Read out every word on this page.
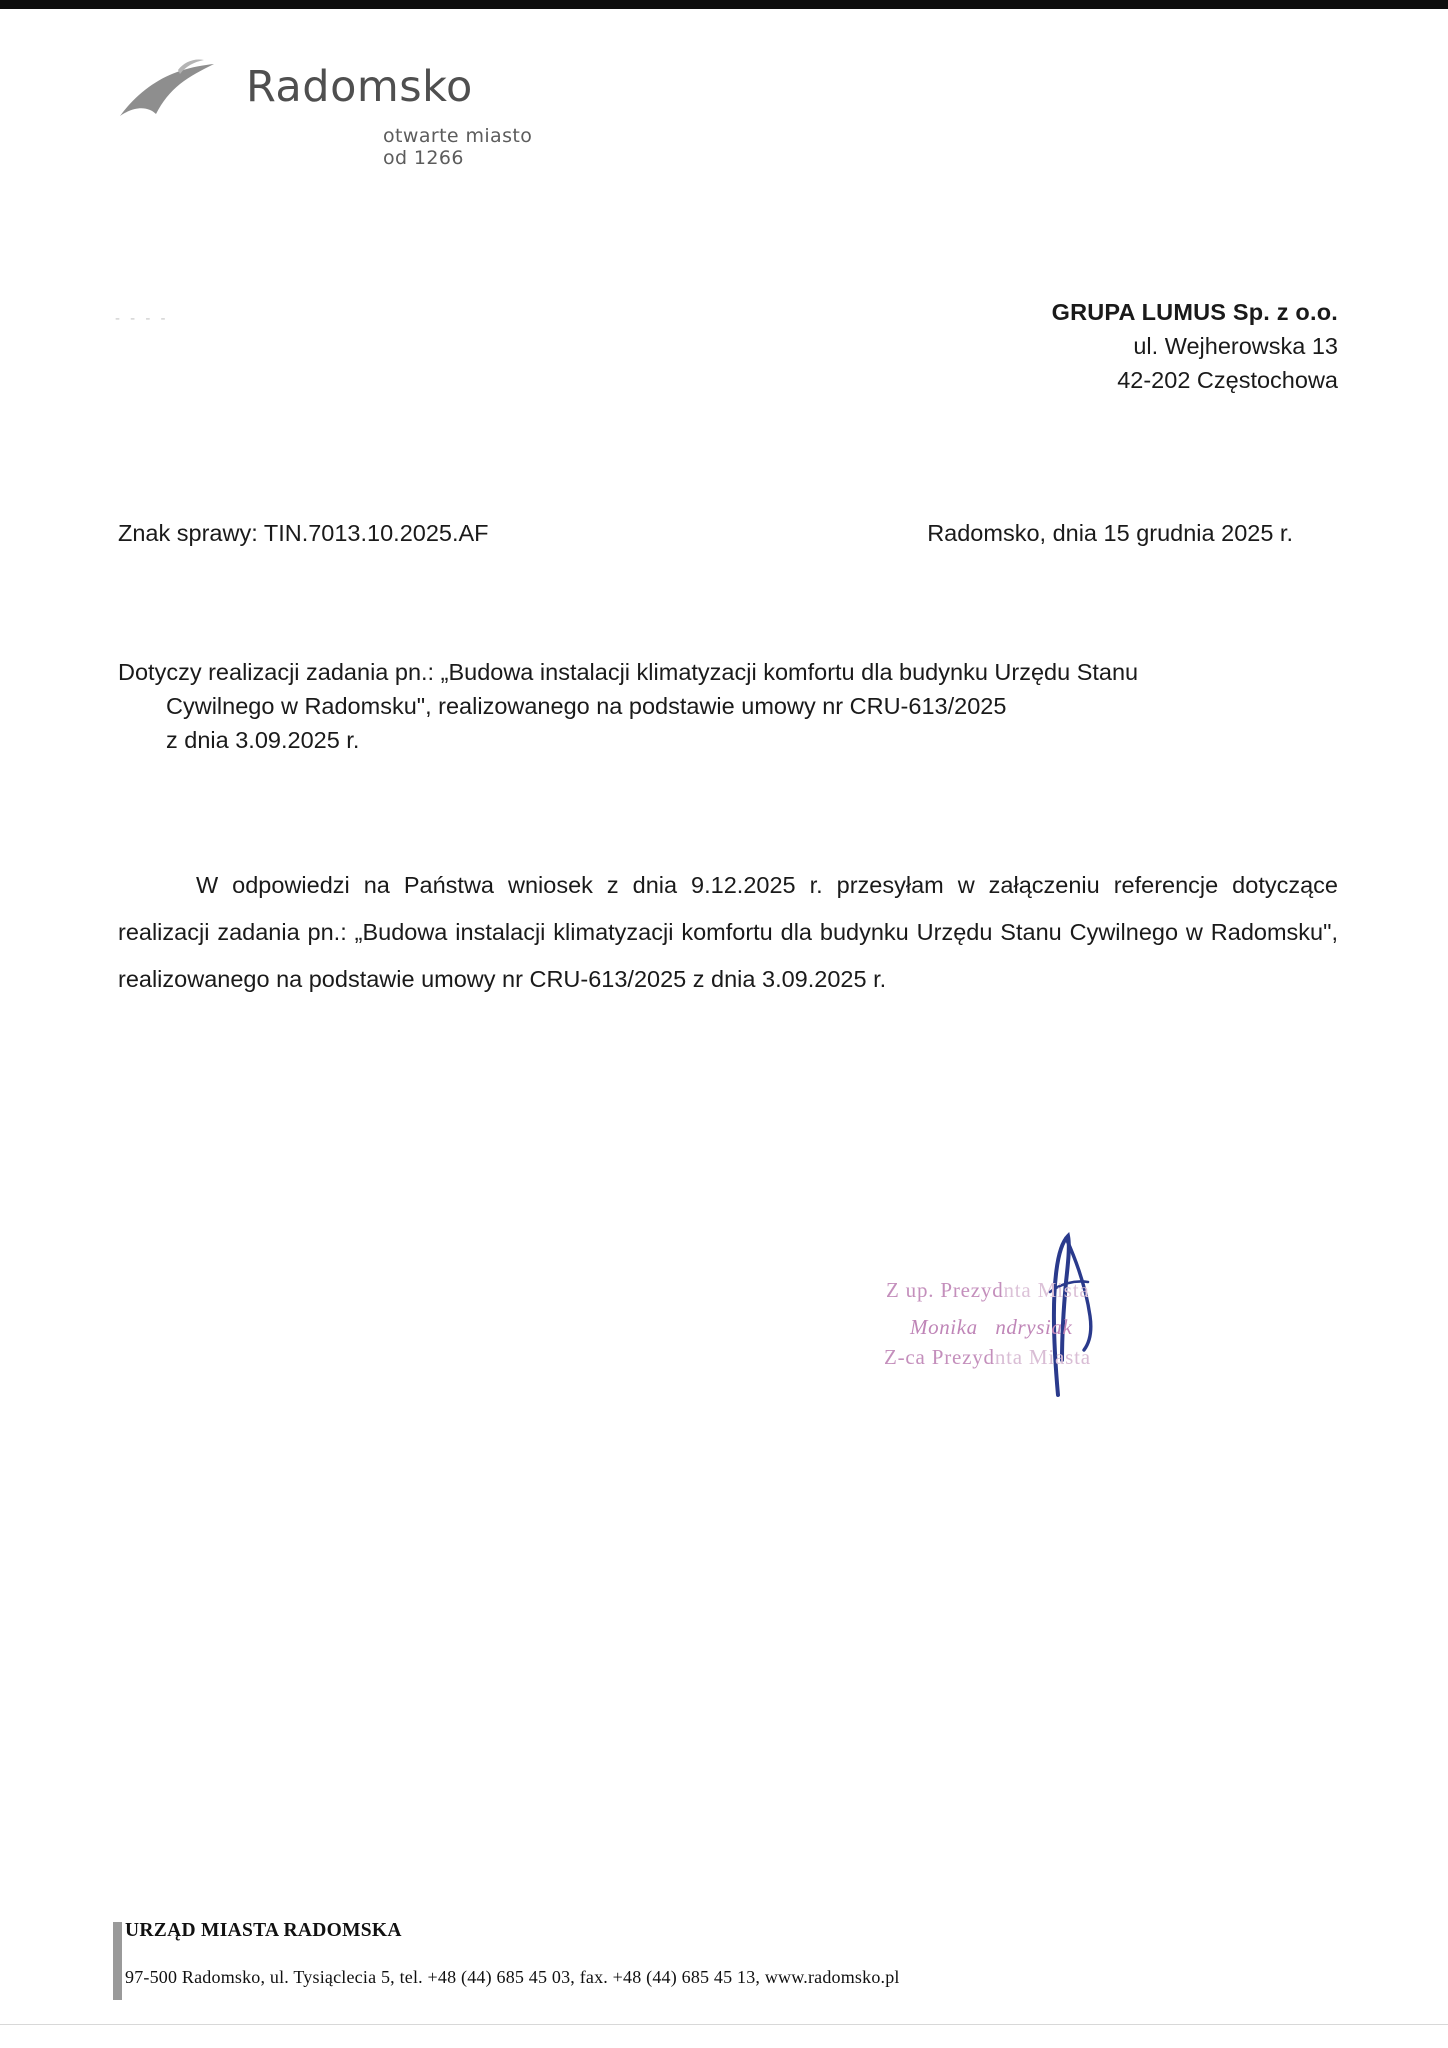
Radomsko
otwarte miasto od 1266
- - - -	GRUPA LUMUS Sp. z o.o.
ul. Wejherowska 13
42-202 Częstochowa
Znak sprawy: TIN.7013.10.2025.AF	Radomsko, dnia 15 grudnia 2025 r.
Dotyczy realizacji zadania pn.: „Budowa instalacji klimatyzacji komfortu dla budynku Urzędu Stanu
Cywilnego w Radomsku", realizowanego na podstawie umowy nr CRU-613/2025
z dnia 3.09.2025 r.
W odpowiedzi na Państwa wniosek z dnia 9.12.2025 r. przesyłam w załączeniu referencje dotyczące realizacji zadania pn.: „Budowa instalacji klimatyzacji komfortu dla budynku Urzędu Stanu Cywilnego w Radomsku", realizowanego na podstawie umowy nr CRU-613/2025 z dnia 3.09.2025 r.
Z up. Prezydnta Mista
Monika ndrysiak
Z-ca Prezydnta Miasta
URZĄD MIASTA RADOMSKA
97-500 Radomsko, ul. Tysiąclecia 5, tel. +48 (44) 685 45 03, fax. +48 (44) 685 45 13, www.radomsko.pl
